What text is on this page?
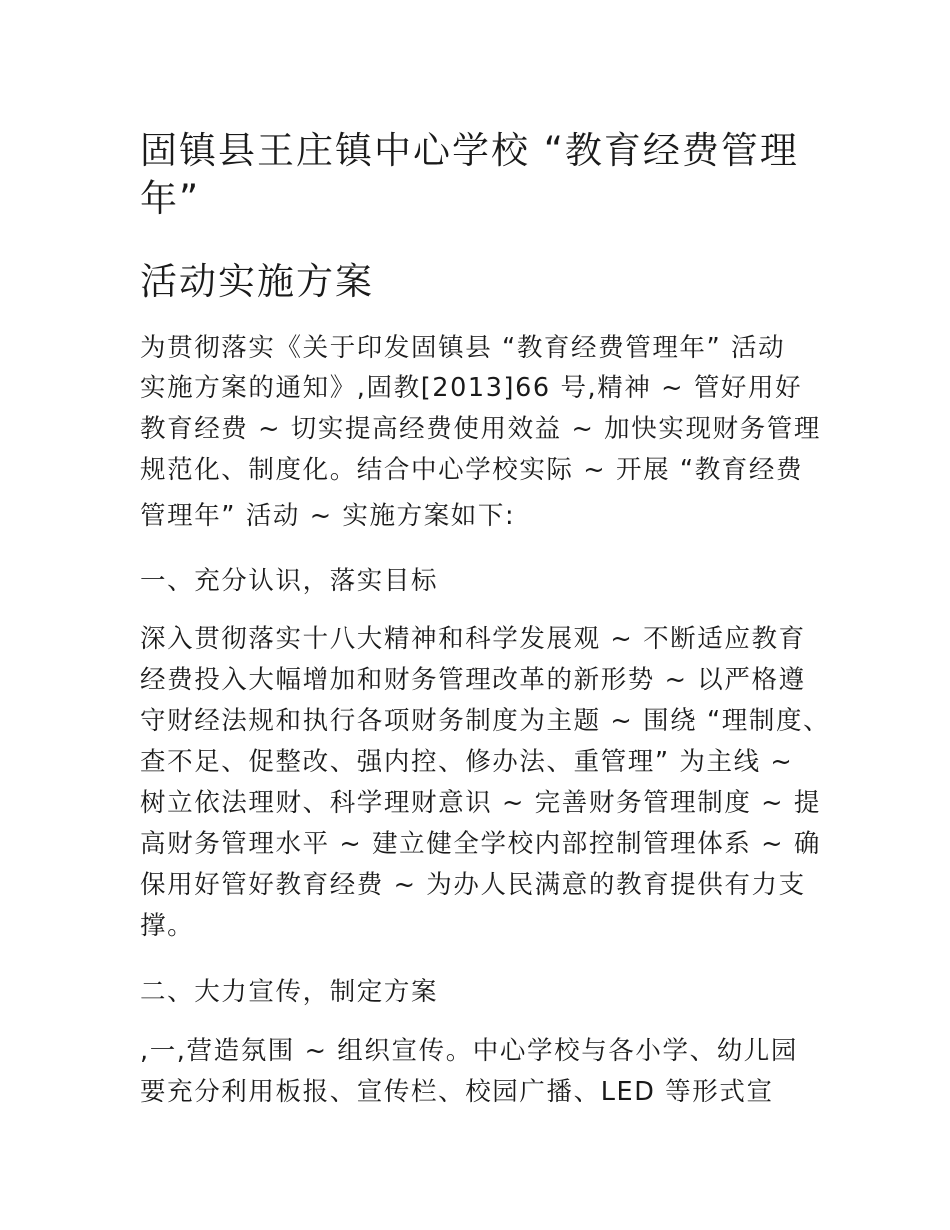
固镇县王庄镇中心学校 “教育经费管理年”
活动实施方案

为贯彻落实《关于印发固镇县 “教育经费管理年” 活动

实施方案的通知》,固教[2013]66 号,精神 ~ 管好用好

教育经费 ~ 切实提高经费使用效益 ~ 加快实现财务管理

规范化、制度化。结合中心学校实际 ~ 开展 “教育经费

管理年” 活动 ~ 实施方案如下:

一、充分认识，落实目标

深入贯彻落实十八大精神和科学发展观 ~ 不断适应教育

经费投入大幅增加和财务管理改革的新形势 ~ 以严格遵

守财经法规和执行各项财务制度为主题 ~ 围绕 “理制度、

查不足、促整改、强内控、修办法、重管理” 为主线 ~

树立依法理财、科学理财意识 ~ 完善财务管理制度 ~ 提

高财务管理水平 ~ 建立健全学校内部控制管理体系 ~ 确

保用好管好教育经费 ~ 为办人民满意的教育提供有力支

撑。

二、大力宣传，制定方案

,一,营造氛围 ~ 组织宣传。中心学校与各小学、幼儿园

要充分利用板报、宣传栏、校园广播、LED 等形式宣
